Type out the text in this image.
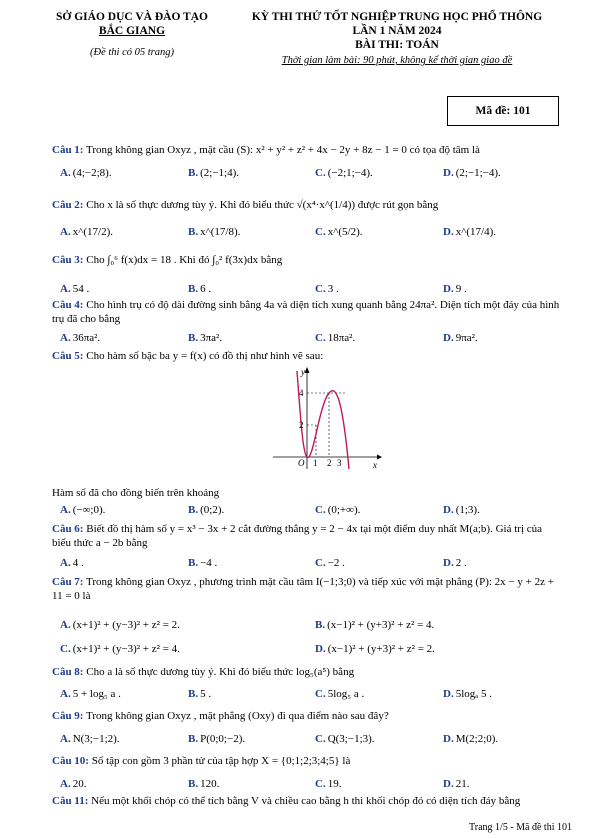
SỞ GIÁO DỤC VÀ ĐÀO TẠO
BẮC GIANG
(Đề thi có 05 trang)
KỲ THI THỬ TỐT NGHIỆP TRUNG HỌC PHỔ THÔNG
LẦN 1 NĂM 2024
BÀI THI: TOÁN
Thời gian làm bài: 90 phút, không kể thời gian giao đề
Mã đề: 101
Câu 1: Trong không gian Oxyz , mặt cầu (S): x² + y² + z² + 4x − 2y + 8z − 1 = 0 có tọa độ tâm là
A. (4;−2;8).	B. (2;−1;4).	C. (−2;1;−4).	D. (2;−1;−4).
Câu 2: Cho x là số thực dương tùy ý. Khi đó biểu thức √(x⁴·x^(1/4)) được rút gọn bằng
A. x^(17/2).	B. x^(17/8).	C. x^(5/2).	D. x^(17/4).
Câu 3: Cho ∫₀⁶ f(x)dx = 18 . Khi đó ∫₀² f(3x)dx bằng
A. 54 .	B. 6 .	C. 3 .	D. 9 .
Câu 4: Cho hình trụ có độ dài đường sinh bằng 4a và diện tích xung quanh bằng 24πa². Diện tích một đáy của hình trụ đã cho bằng
A. 36πa².	B. 3πa².	C. 18πa².	D. 9πa².
Câu 5: Cho hàm số bậc ba y = f(x) có đồ thị như hình vẽ sau:
y
x
O
4
2
1 2 3
Hàm số đã cho đồng biến trên khoảng
A. (−∞;0).	B. (0;2).	C. (0;+∞).	D. (1;3).
Câu 6: Biết đồ thị hàm số y = x³ − 3x + 2 cắt đường thẳng y = 2 − 4x tại một điểm duy nhất M(a;b). Giá trị của biểu thức a − 2b bằng
A. 4 .	B. −4 .	C. −2 .	D. 2 .
Câu 7: Trong không gian Oxyz , phương trình mặt cầu tâm I(−1;3;0) và tiếp xúc với mặt phẳng (P): 2x − y + 2z + 11 = 0 là
A. (x+1)² + (y−3)² + z² = 2.	B. (x−1)² + (y+3)² + z² = 4.
C. (x+1)² + (y−3)² + z² = 4.	D. (x−1)² + (y+3)² + z² = 2.
Câu 8: Cho a là số thực dương tùy ý. Khi đó biểu thức log₅(a⁵) bằng
A. 5 + log₅ a .	B. 5 .	C. 5log₅ a .	D. 5logₐ 5 .
Câu 9: Trong không gian Oxyz , mặt phẳng (Oxy) đi qua điểm nào sau đây?
A. N(3;−1;2).	B. P(0;0;−2).	C. Q(3;−1;3).	D. M(2;2;0).
Câu 10: Số tập con gồm 3 phần tử của tập hợp X = {0;1;2;3;4;5} là
A. 20.	B. 120.	C. 19.	D. 21.
Câu 11: Nếu một khối chóp có thể tích bằng V và chiều cao bằng h thì khối chóp đó có diện tích đáy bằng
Trang 1/5 - Mã đề thi 101
